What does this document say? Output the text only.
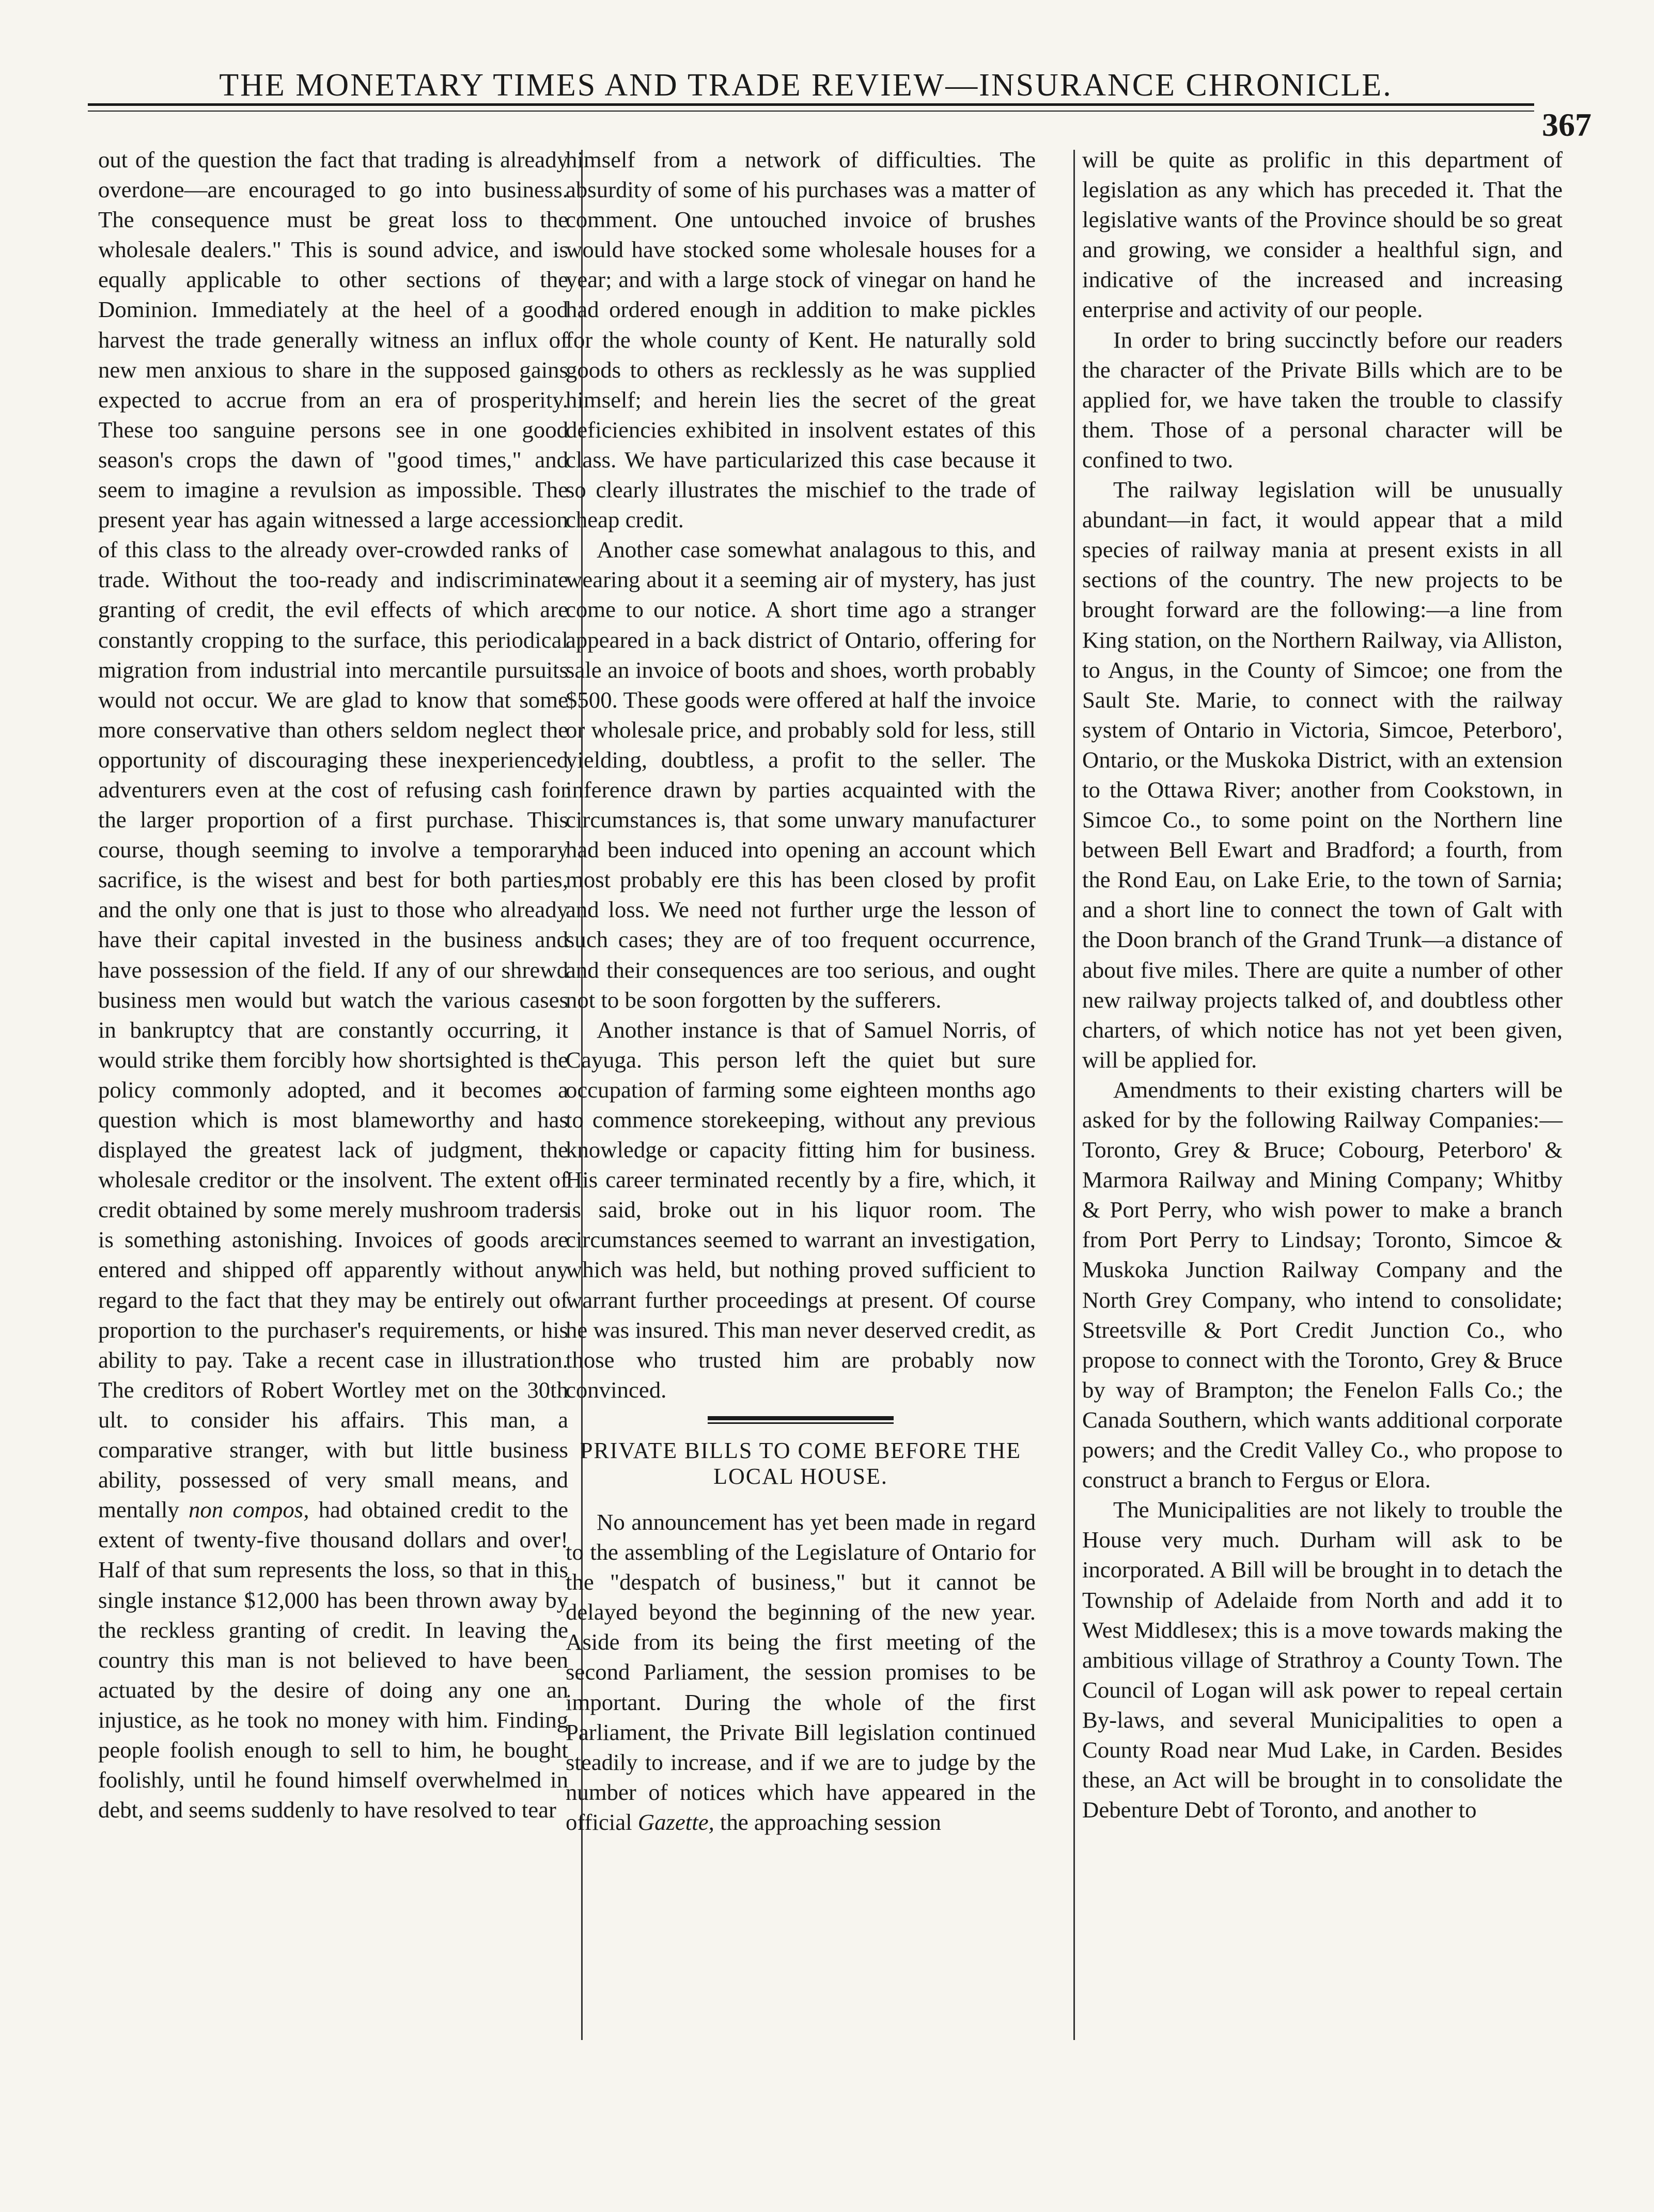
THE MONETARY TIMES AND TRADE REVIEW—INSURANCE CHRONICLE.
367

out of the question the fact that trading is already overdone—are encouraged to go into business. The consequence must be great loss to the wholesale dealers." This is sound advice, and is equally applicable to other sections of the Dominion. Immediately at the heel of a good harvest the trade generally witness an influx of new men anxious to share in the supposed gains expected to accrue from an era of prosperity. These too sanguine persons see in one good season's crops the dawn of "good times," and seem to imagine a revulsion as impossible. The present year has again witnessed a large accession of this class to the already over-crowded ranks of trade. Without the too-ready and indiscriminate granting of credit, the evil effects of which are constantly cropping to the surface, this periodical migration from industrial into mercantile pursuits would not occur. We are glad to know that some more conservative than others seldom neglect the opportunity of discouraging these inexperienced adventurers even at the cost of refusing cash for the larger proportion of a first purchase. This course, though seeming to involve a temporary sacrifice, is the wisest and best for both parties, and the only one that is just to those who already have their capital invested in the business and have possession of the field. If any of our shrewd business men would but watch the various cases in bankruptcy that are constantly occurring, it would strike them forcibly how shortsighted is the policy commonly adopted, and it becomes a question which is most blameworthy and has displayed the greatest lack of judgment, the wholesale creditor or the insolvent. The extent of credit obtained by some merely mushroom traders is something astonishing. Invoices of goods are entered and shipped off apparently without any regard to the fact that they may be entirely out of proportion to the purchaser's requirements, or his ability to pay. Take a recent case in illustration. The creditors of Robert Wortley met on the 30th ult. to consider his affairs. This man, a comparative stranger, with but little business ability, possessed of very small means, and mentally non compos, had obtained credit to the extent of twenty-five thousand dollars and over! Half of that sum represents the loss, so that in this single instance $12,000 has been thrown away by the reckless granting of credit. In leaving the country this man is not believed to have been actuated by the desire of doing any one an injustice, as he took no money with him. Finding people foolish enough to sell to him, he bought foolishly, until he found himself overwhelmed in debt, and seems suddenly to have resolved to tear

himself from a network of difficulties. The absurdity of some of his purchases was a matter of comment. One untouched invoice of brushes would have stocked some wholesale houses for a year; and with a large stock of vinegar on hand he had ordered enough in addition to make pickles for the whole county of Kent. He naturally sold goods to others as recklessly as he was supplied himself; and herein lies the secret of the great deficiencies exhibited in insolvent estates of this class. We have particularized this case because it so clearly illustrates the mischief to the trade of cheap credit.

Another case somewhat analagous to this, and wearing about it a seeming air of mystery, has just come to our notice. A short time ago a stranger appeared in a back district of Ontario, offering for sale an invoice of boots and shoes, worth probably $500. These goods were offered at half the invoice or wholesale price, and probably sold for less, still yielding, doubtless, a profit to the seller. The inference drawn by parties acquainted with the circumstances is, that some unwary manufacturer had been induced into opening an account which most probably ere this has been closed by profit and loss. We need not further urge the lesson of such cases; they are of too frequent occurrence, and their consequences are too serious, and ought not to be soon forgotten by the sufferers.

Another instance is that of Samuel Norris, of Cayuga. This person left the quiet but sure occupation of farming some eighteen months ago to commence storekeeping, without any previous knowledge or capacity fitting him for business. His career terminated recently by a fire, which, it is said, broke out in his liquor room. The circumstances seemed to warrant an investigation, which was held, but nothing proved sufficient to warrant further proceedings at present. Of course he was insured. This man never deserved credit, as those who trusted him are probably now convinced.

PRIVATE BILLS TO COME BEFORE THE LOCAL HOUSE.

No announcement has yet been made in regard to the assembling of the Legislature of Ontario for the "despatch of business," but it cannot be delayed beyond the beginning of the new year. Aside from its being the first meeting of the second Parliament, the session promises to be important. During the whole of the first Parliament, the Private Bill legislation continued steadily to increase, and if we are to judge by the number of notices which have appeared in the official Gazette, the approaching session

will be quite as prolific in this department of legislation as any which has preceded it. That the legislative wants of the Province should be so great and growing, we consider a healthful sign, and indicative of the increased and increasing enterprise and activity of our people.

In order to bring succinctly before our readers the character of the Private Bills which are to be applied for, we have taken the trouble to classify them. Those of a personal character will be confined to two.

The railway legislation will be unusually abundant—in fact, it would appear that a mild species of railway mania at present exists in all sections of the country. The new projects to be brought forward are the following:—a line from King station, on the Northern Railway, via Alliston, to Angus, in the County of Simcoe; one from the Sault Ste. Marie, to connect with the railway system of Ontario in Victoria, Simcoe, Peterboro', Ontario, or the Muskoka District, with an extension to the Ottawa River; another from Cookstown, in Simcoe Co., to some point on the Northern line between Bell Ewart and Bradford; a fourth, from the Rond Eau, on Lake Erie, to the town of Sarnia; and a short line to connect the town of Galt with the Doon branch of the Grand Trunk—a distance of about five miles. There are quite a number of other new railway projects talked of, and doubtless other charters, of which notice has not yet been given, will be applied for.

Amendments to their existing charters will be asked for by the following Railway Companies:—Toronto, Grey & Bruce; Cobourg, Peterboro' & Marmora Railway and Mining Company; Whitby & Port Perry, who wish power to make a branch from Port Perry to Lindsay; Toronto, Simcoe & Muskoka Junction Railway Company and the North Grey Company, who intend to consolidate; Streetsville & Port Credit Junction Co., who propose to connect with the Toronto, Grey & Bruce by way of Brampton; the Fenelon Falls Co.; the Canada Southern, which wants additional corporate powers; and the Credit Valley Co., who propose to construct a branch to Fergus or Elora.

The Municipalities are not likely to trouble the House very much. Durham will ask to be incorporated. A Bill will be brought in to detach the Township of Adelaide from North and add it to West Middlesex; this is a move towards making the ambitious village of Strathroy a County Town. The Council of Logan will ask power to repeal certain By-laws, and several Municipalities to open a County Road near Mud Lake, in Carden. Besides these, an Act will be brought in to consolidate the Debenture Debt of Toronto, and another to
